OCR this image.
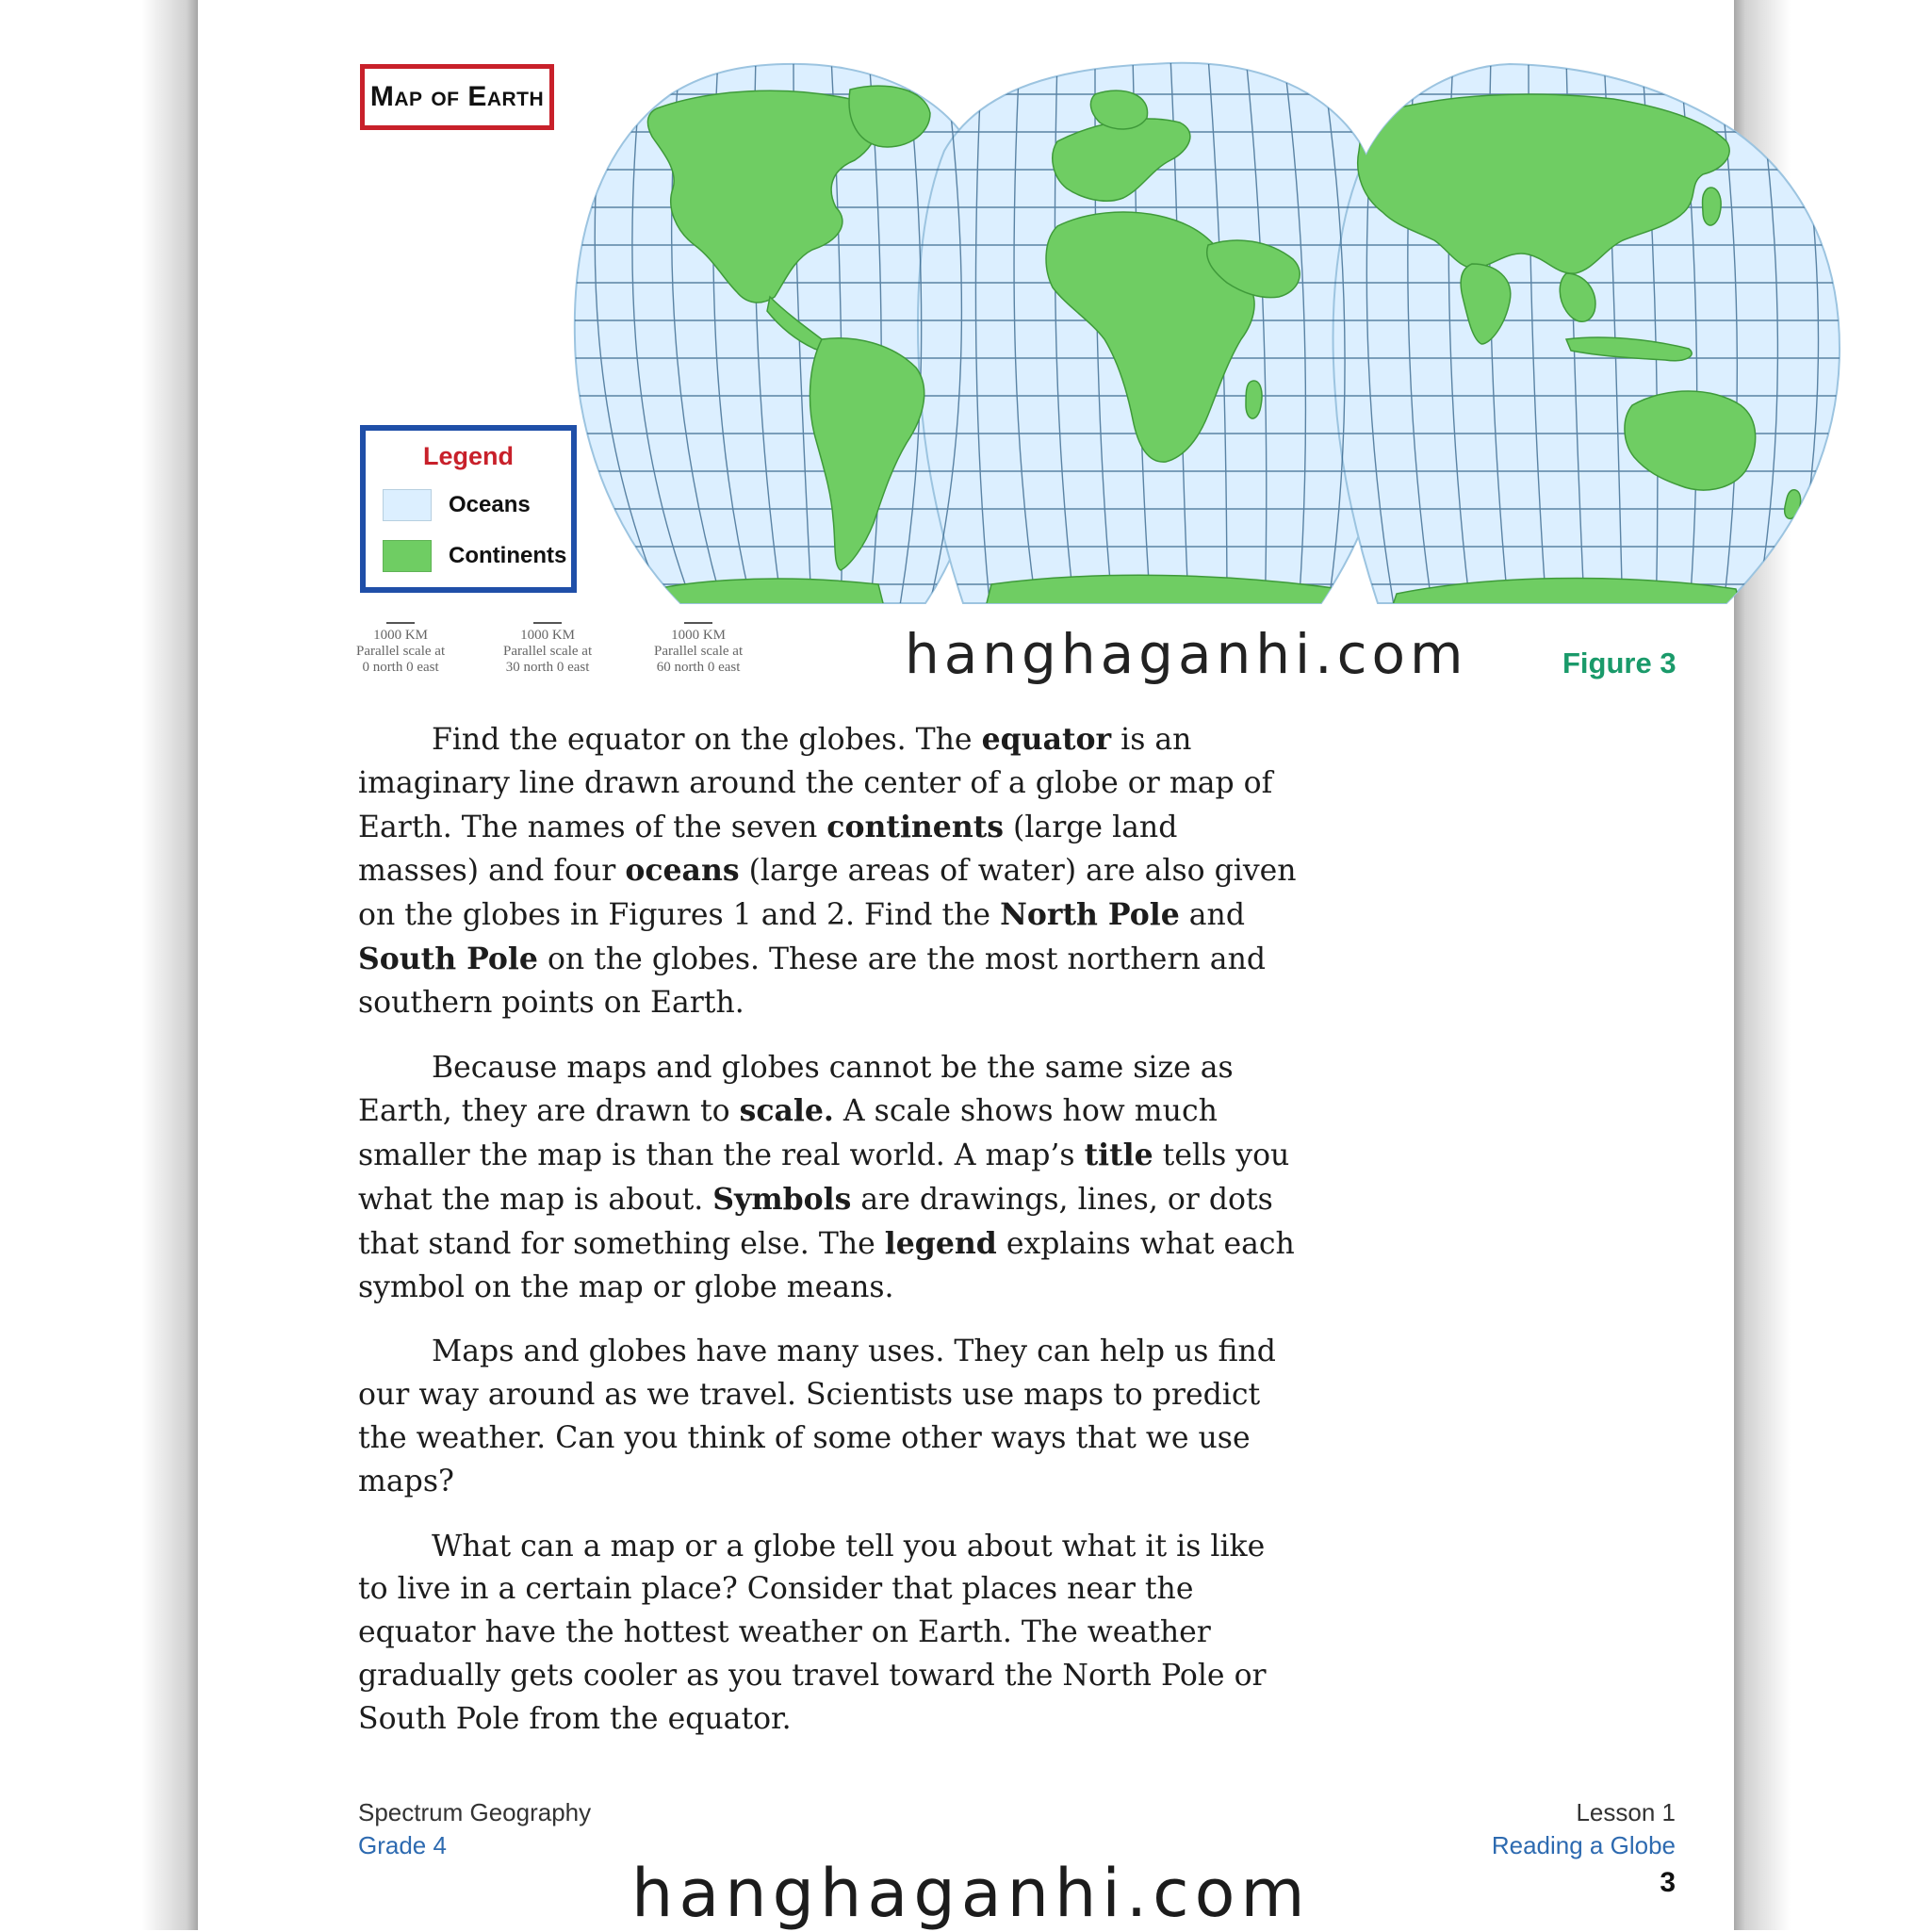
Map of Earth
Legend
Oceans
Continents
1000 KM
Parallel scale at
0 north 0 east
1000 KM
Parallel scale at
30 north 0 east
1000 KM
Parallel scale at
60 north 0 east	hanghaganhi.com	Figure 3

Find the equator on the globes. The equator is an imaginary line drawn around the center of a globe or map of Earth. The names of the seven continents (large land masses) and four oceans (large areas of water) are also given on the globes in Figures 1 and 2. Find the North Pole and South Pole on the globes. These are the most northern and southern points on Earth.

Because maps and globes cannot be the same size as Earth, they are drawn to scale. A scale shows how much smaller the map is than the real world. A map’s title tells you what the map is about. Symbols are drawings, lines, or dots that stand for something else. The legend explains what each symbol on the map or globe means.

Maps and globes have many uses. They can help us find our way around as we travel. Scientists use maps to predict the weather. Can you think of some other ways that we use maps?

What can a map or a globe tell you about what it is like to live in a certain place? Consider that places near the equator have the hottest weather on Earth. The weather gradually gets cooler as you travel toward the North Pole or South Pole from the equator.

Spectrum Geography
Grade 4
Lesson 1
Reading a Globe
3
hanghaganhi.com
